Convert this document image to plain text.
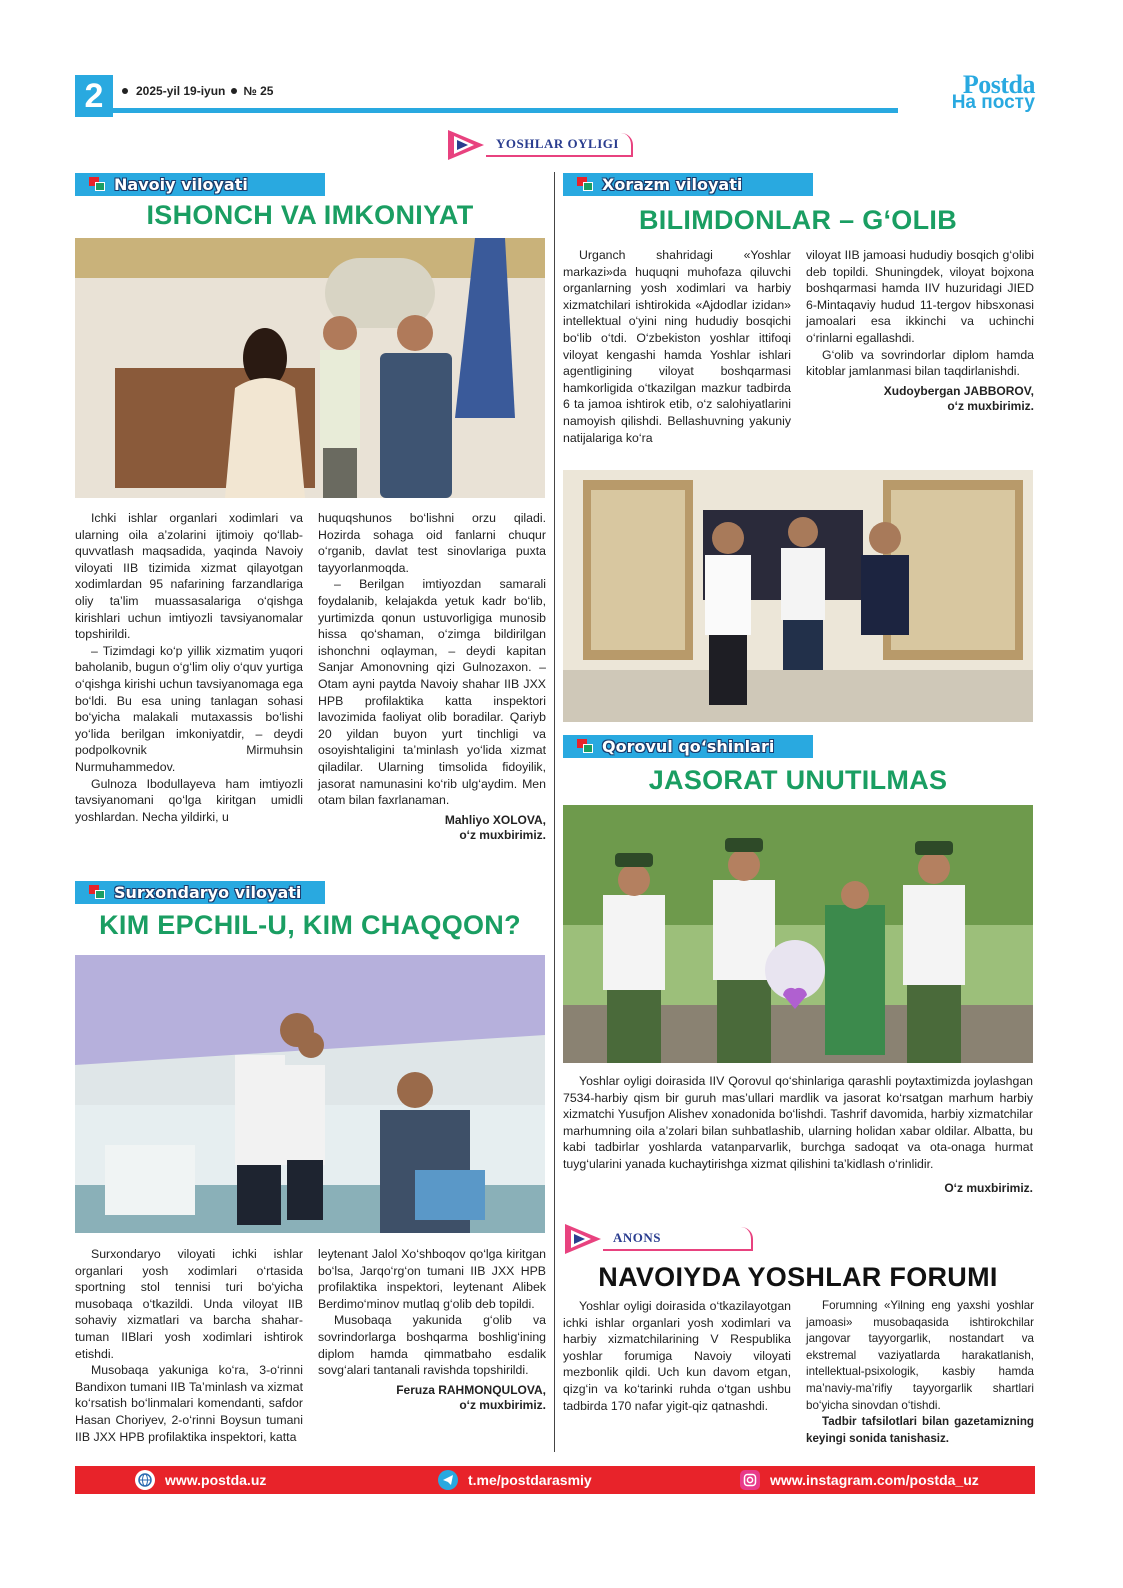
2	2025-yil 19-iyun № 25	Postda
На посту
YOSHLAR OYLIGI
Navoiy viloyati
ISHONCH VA IMKONIYAT

Ichki ishlar organlari xodimlari va ularning oila a’zolarini ijtimoiy qo‘llab-quvvatlash maqsadida, yaqinda Navoiy viloyati IIB tizimida xizmat qilayotgan xodimlardan 95 nafarining farzandlariga oliy ta’lim muassasalariga o‘qishga kirishlari uchun imtiyozli tavsiyanomalar topshirildi.

– Tizimdagi ko‘p yillik xizmatim yuqori baholanib, bugun o‘g‘lim oliy o‘quv yurtiga o‘qishga kirishi uchun tavsiyanomaga ega bo‘ldi. Bu esa uning tanlagan sohasi bo‘yicha malakali mutaxassis bo‘lishi yo‘lida berilgan imkoniyatdir, – deydi podpolkovnik Mirmuhsin Nurmuhammedov.

Gulnoza Ibodullayeva ham imtiyozli tavsiyanomani qo‘lga kiritgan umidli yoshlardan. Necha yildirki, u

huquqshunos bo‘lishni orzu qiladi. Hozirda sohaga oid fanlarni chuqur o‘rganib, davlat test sinovlariga puxta tayyorlanmoqda.

– Berilgan imtiyozdan samarali foydalanib, kelajakda yetuk kadr bo‘lib, yurtimizda qonun ustuvorligiga munosib hissa qo‘shaman, o‘zimga bildirilgan ishonchni oqlayman, – deydi kapitan Sanjar Amonovning qizi Gulnozaxon. – Otam ayni paytda Navoiy shahar IIB JXX HPB profilaktika katta inspektori lavozimida faoliyat olib boradilar. Qariyb 20 yildan buyon yurt tinchligi va osoyishtaligini ta’minlash yo‘lida xizmat qiladilar. Ularning timsolida fidoyilik, jasorat namunasini ko‘rib ulg‘aydim. Men otam bilan faxrlanaman.

Mahliyo XOLOVA,
o‘z muxbirimiz.
Xorazm viloyati
BILIMDONLAR – G‘OLIB

Urganch shahridagi «Yoshlar markazi»da huquqni muhofaza qiluvchi organlarning yosh xodimlari va harbiy xizmatchilari ishtirokida «Ajdodlar izidan» intellektual o‘yini ning hududiy bosqichi bo‘lib o‘tdi. O‘zbekiston yoshlar ittifoqi viloyat kengashi hamda Yoshlar ishlari agentligining viloyat boshqarmasi hamkorligida o‘tkazilgan mazkur tadbirda 6 ta jamoa ishtirok etib, o‘z salohiyatlarini namoyish qilishdi. Bellashuvning yakuniy natijalariga ko‘ra

viloyat IIB jamoasi hududiy bosqich g‘olibi deb topildi. Shuningdek, viloyat bojxona boshqarmasi hamda IIV huzuridagi JIED 6-Mintaqaviy hudud 11-tergov hibsxonasi jamoalari esa ikkinchi va uchinchi o‘rinlarni egallashdi.

G‘olib va sovrindorlar diplom hamda kitoblar jamlanmasi bilan taqdirlanishdi.

Xudoybergan JABBOROV,
o‘z muxbirimiz.
Qorovul qo‘shinlari
JASORAT UNUTILMAS

Yoshlar oyligi doirasida IIV Qorovul qo‘shinlariga qarashli poytaxtimizda joylashgan 7534-harbiy qism bir guruh mas’ullari mardlik va jasorat ko‘rsatgan marhum harbiy xizmatchi Yusufjon Alishev xonadonida bo‘lishdi. Tashrif davomida, harbiy xizmatchilar marhumning oila a’zolari bilan suhbatlashib, ularning holidan xabar oldilar. Albatta, bu kabi tadbirlar yoshlarda vatanparvarlik, burchga sadoqat va ota-onaga hurmat tuyg‘ularini yanada kuchaytirishga xizmat qilishini ta’kidlash o‘rinlidir.

O‘z muxbirimiz.
Surxondaryo viloyati
KIM EPCHIL-U, KIM CHAQQON?

Surxondaryo viloyati ichki ishlar organlari yosh xodimlari o‘rtasida sportning stol tennisi turi bo‘yicha musobaqa o‘tkazildi. Unda viloyat IIB sohaviy xizmatlari va barcha shahar-tuman IIBlari yosh xodimlari ishtirok etishdi.

Musobaqa yakuniga ko‘ra, 3-o‘rinni Bandixon tumani IIB Ta’minlash va xizmat ko‘rsatish bo‘linmalari komendanti, safdor Hasan Choriyev, 2-o‘rinni Boysun tumani IIB JXX HPB profilaktika inspektori, katta

leytenant Jalol Xo‘shboqov qo‘lga kiritgan bo‘lsa, Jarqo‘rg‘on tumani IIB JXX HPB profilaktika inspektori, leytenant Alibek Berdimo‘minov mutlaq g‘olib deb topildi.

Musobaqa yakunida g‘olib va sovrindorlarga boshqarma boshlig‘ining diplom hamda qimmatbaho esdalik sovg‘alari tantanali ravishda topshirildi.

Feruza RAHMONQULOVA,
o‘z muxbirimiz.
ANONS
NAVOIYDA YOSHLAR FORUMI

Yoshlar oyligi doirasida o‘tkazilayotgan ichki ishlar organlari yosh xodimlari va harbiy xizmatchilarining V Respublika yoshlar forumiga Navoiy viloyati mezbonlik qildi. Uch kun davom etgan, qizg‘in va ko‘tarinki ruhda o‘tgan ushbu tadbirda 170 nafar yigit-qiz qatnashdi.

Forumning «Yilning eng yaxshi yoshlar jamoasi» musobaqasida ishtirokchilar jangovar tayyorgarlik, nostandart va ekstremal vaziyatlarda harakatlanish, intellektual-psixologik, kasbiy hamda ma’naviy-ma’rifiy tayyorgarlik shartlari bo‘yicha sinovdan o‘tishdi.

Tadbir tafsilotlari bilan gazetamizning keyingi sonida tanishasiz.

www.postda.uz	t.me/postdarasmiy	www.instagram.com/postda_uz
